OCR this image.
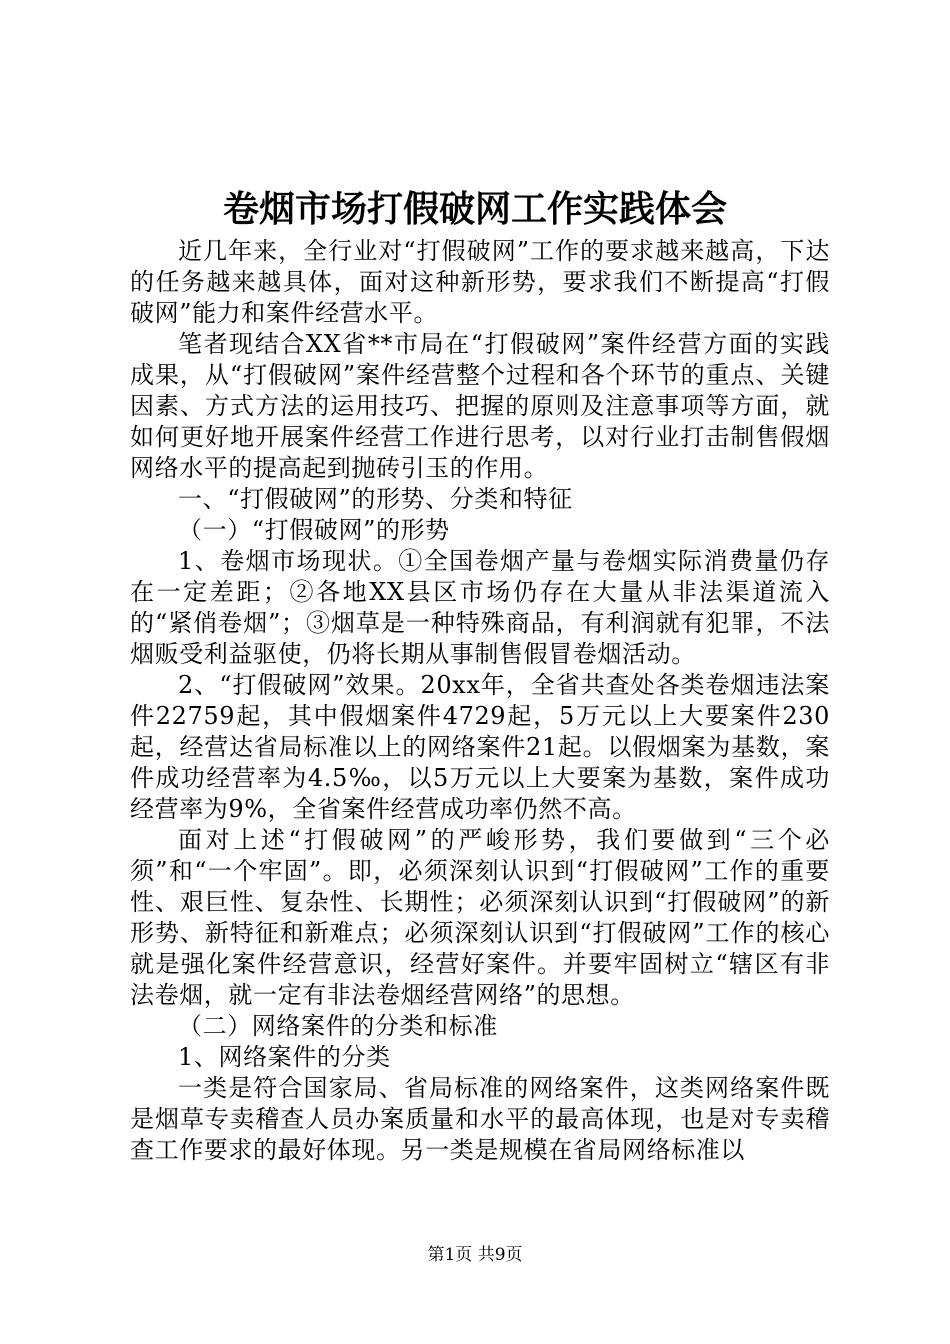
卷烟市场打假破网工作实践体会

近几年来，全行业对“打假破网”工作的要求越来越高，下达的任务越来越具体，面对这种新形势，要求我们不断提高“打假破网”能力和案件经营水平。

笔者现结合XX省**市局在“打假破网”案件经营方面的实践成果，从“打假破网”案件经营整个过程和各个环节的重点、关键因素、方式方法的运用技巧、把握的原则及注意事项等方面，就如何更好地开展案件经营工作进行思考，以对行业打击制售假烟网络水平的提高起到抛砖引玉的作用。

一、“打假破网”的形势、分类和特征

（一）“打假破网”的形势

1、卷烟市场现状。①全国卷烟产量与卷烟实际消费量仍存在一定差距；②各地XX县区市场仍存在大量从非法渠道流入的“紧俏卷烟”；③烟草是一种特殊商品，有利润就有犯罪，不法烟贩受利益驱使，仍将长期从事制售假冒卷烟活动。

2、“打假破网”效果。20xx年，全省共查处各类卷烟违法案件22759起，其中假烟案件4729起，5万元以上大要案件230起，经营达省局标准以上的网络案件21起。以假烟案为基数，案件成功经营率为4.5‰，以5万元以上大要案为基数，案件成功经营率为9%，全省案件经营成功率仍然不高。

面对上述“打假破网”的严峻形势，我们要做到“三个必须”和“一个牢固”。即，必须深刻认识到“打假破网”工作的重要性、艰巨性、复杂性、长期性；必须深刻认识到“打假破网”的新形势、新特征和新难点；必须深刻认识到“打假破网”工作的核心就是强化案件经营意识，经营好案件。并要牢固树立“辖区有非法卷烟，就一定有非法卷烟经营网络”的思想。

（二）网络案件的分类和标准

1、网络案件的分类

一类是符合国家局、省局标准的网络案件，这类网络案件既是烟草专卖稽查人员办案质量和水平的最高体现，也是对专卖稽查工作要求的最好体现。另一类是规模在省局网络标准以

第1页 共9页
